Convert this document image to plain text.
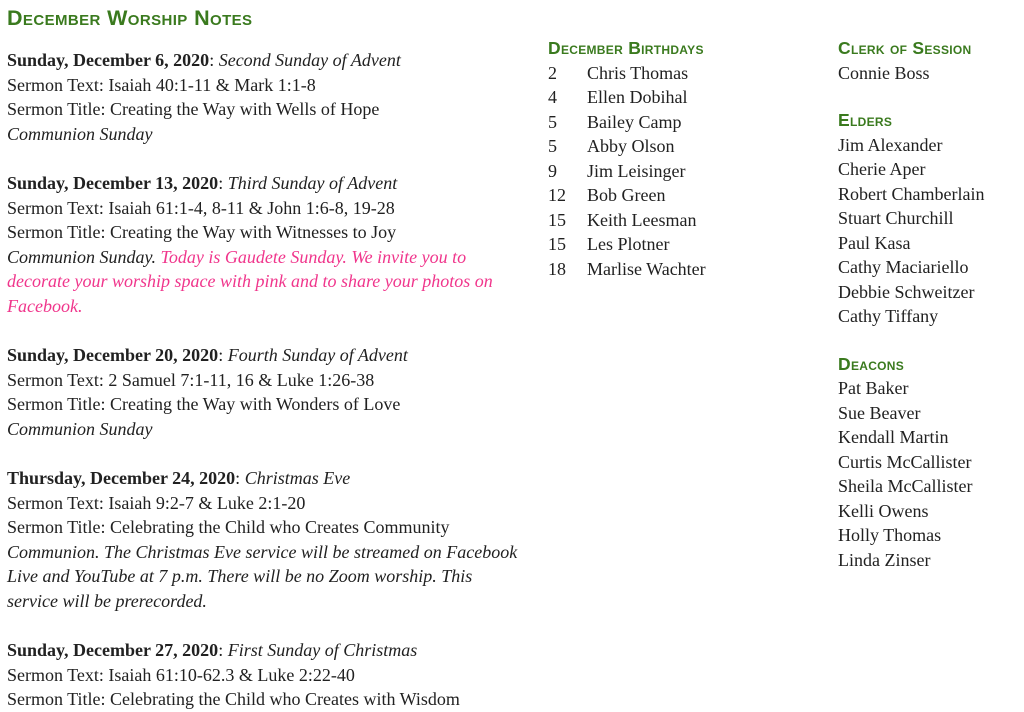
December Worship Notes

Sunday, December 6, 2020: Second Sunday of Advent

Sermon Text: Isaiah 40:1-11 & Mark 1:1-8

Sermon Title: Creating the Way with Wells of Hope

Communion Sunday

Sunday, December 13, 2020: Third Sunday of Advent

Sermon Text: Isaiah 61:1-4, 8-11 & John 1:6-8, 19-28

Sermon Title: Creating the Way with Witnesses to Joy

Communion Sunday. Today is Gaudete Sunday. We invite you to decorate your worship space with pink and to share your photos on Facebook.

Sunday, December 20, 2020: Fourth Sunday of Advent

Sermon Text: 2 Samuel 7:1-11, 16 & Luke 1:26-38

Sermon Title: Creating the Way with Wonders of Love

Communion Sunday

Thursday, December 24, 2020: Christmas Eve

Sermon Text: Isaiah 9:2-7 & Luke 2:1-20

Sermon Title: Celebrating the Child who Creates Community

Communion. The Christmas Eve service will be streamed on Facebook Live and YouTube at 7 p.m. There will be no Zoom worship. This service will be prerecorded.

Sunday, December 27, 2020: First Sunday of Christmas

Sermon Text: Isaiah 61:10-62.3 & Luke 2:22-40

Sermon Title: Celebrating the Child who Creates with Wisdom

December Birthdays
2	Chris Thomas
4	Ellen Dobihal
5	Bailey Camp
5	Abby Olson
9	Jim Leisinger
12	Bob Green
15	Keith Leesman
15	Les Plotner
18	Marlise Wachter
Clerk of Session

Connie Boss

Elders

Jim Alexander

Cherie Aper

Robert Chamberlain

Stuart Churchill

Paul Kasa

Cathy Maciariello

Debbie Schweitzer

Cathy Tiffany

Deacons

Pat Baker

Sue Beaver

Kendall Martin

Curtis McCallister

Sheila McCallister

Kelli Owens

Holly Thomas

Linda Zinser
